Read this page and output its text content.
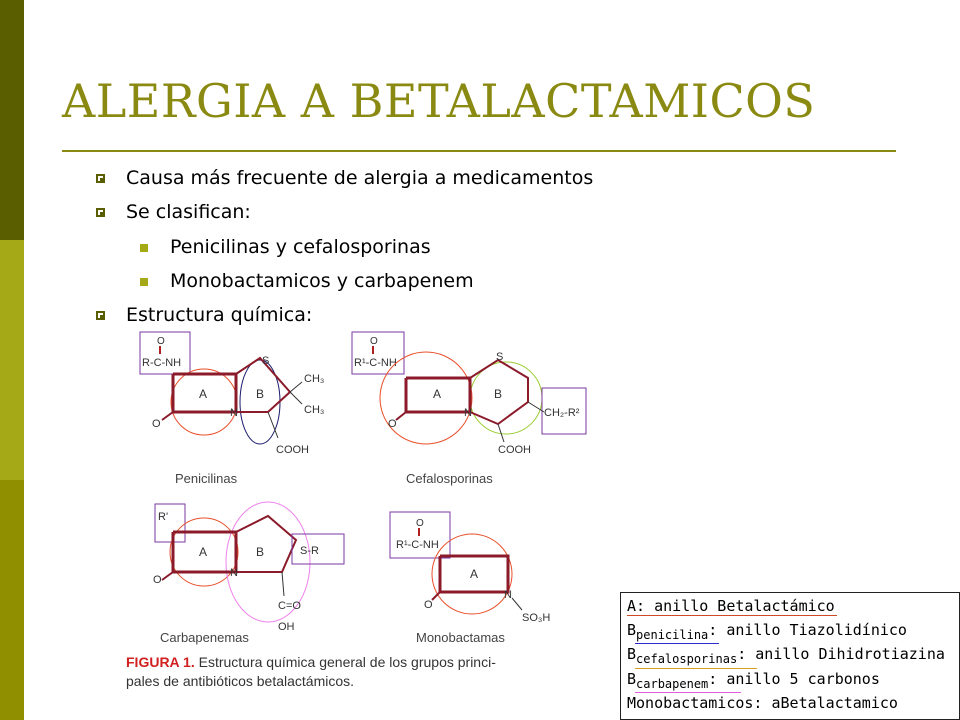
ALERGIA A BETALACTAMICOS
Causa más frecuente de alergia a medicamentos
Se clasifican:
Penicilinas y cefalosporinas
Monobactamicos y carbapenem
Estructura química:
O
R-C-NH
O
A
S
N
B
CH₃
CH₃
COOH
Penicilinas
O
R¹-C-NH
O
A
S
N
B
CH₂-R²
COOH
Cefalosporinas
R'
O
A
N
B	S-R
C=O
OH
Carbapenemas
O
R¹-C-NH
O
A
N
SO₃H
Monobactamas
FIGURA 1. Estructura química general de los grupos princi-
pales de antibióticos betalactámicos.
A: anillo Betalactámico
$B_{penicilina}$: anillo Tiazolidínico
$B_{cefalosporinas}$: anillo Dihidrotiazina
$B_{carbapenem}$: anillo 5 carbonos
Monobactamicos: aBetalactamico
